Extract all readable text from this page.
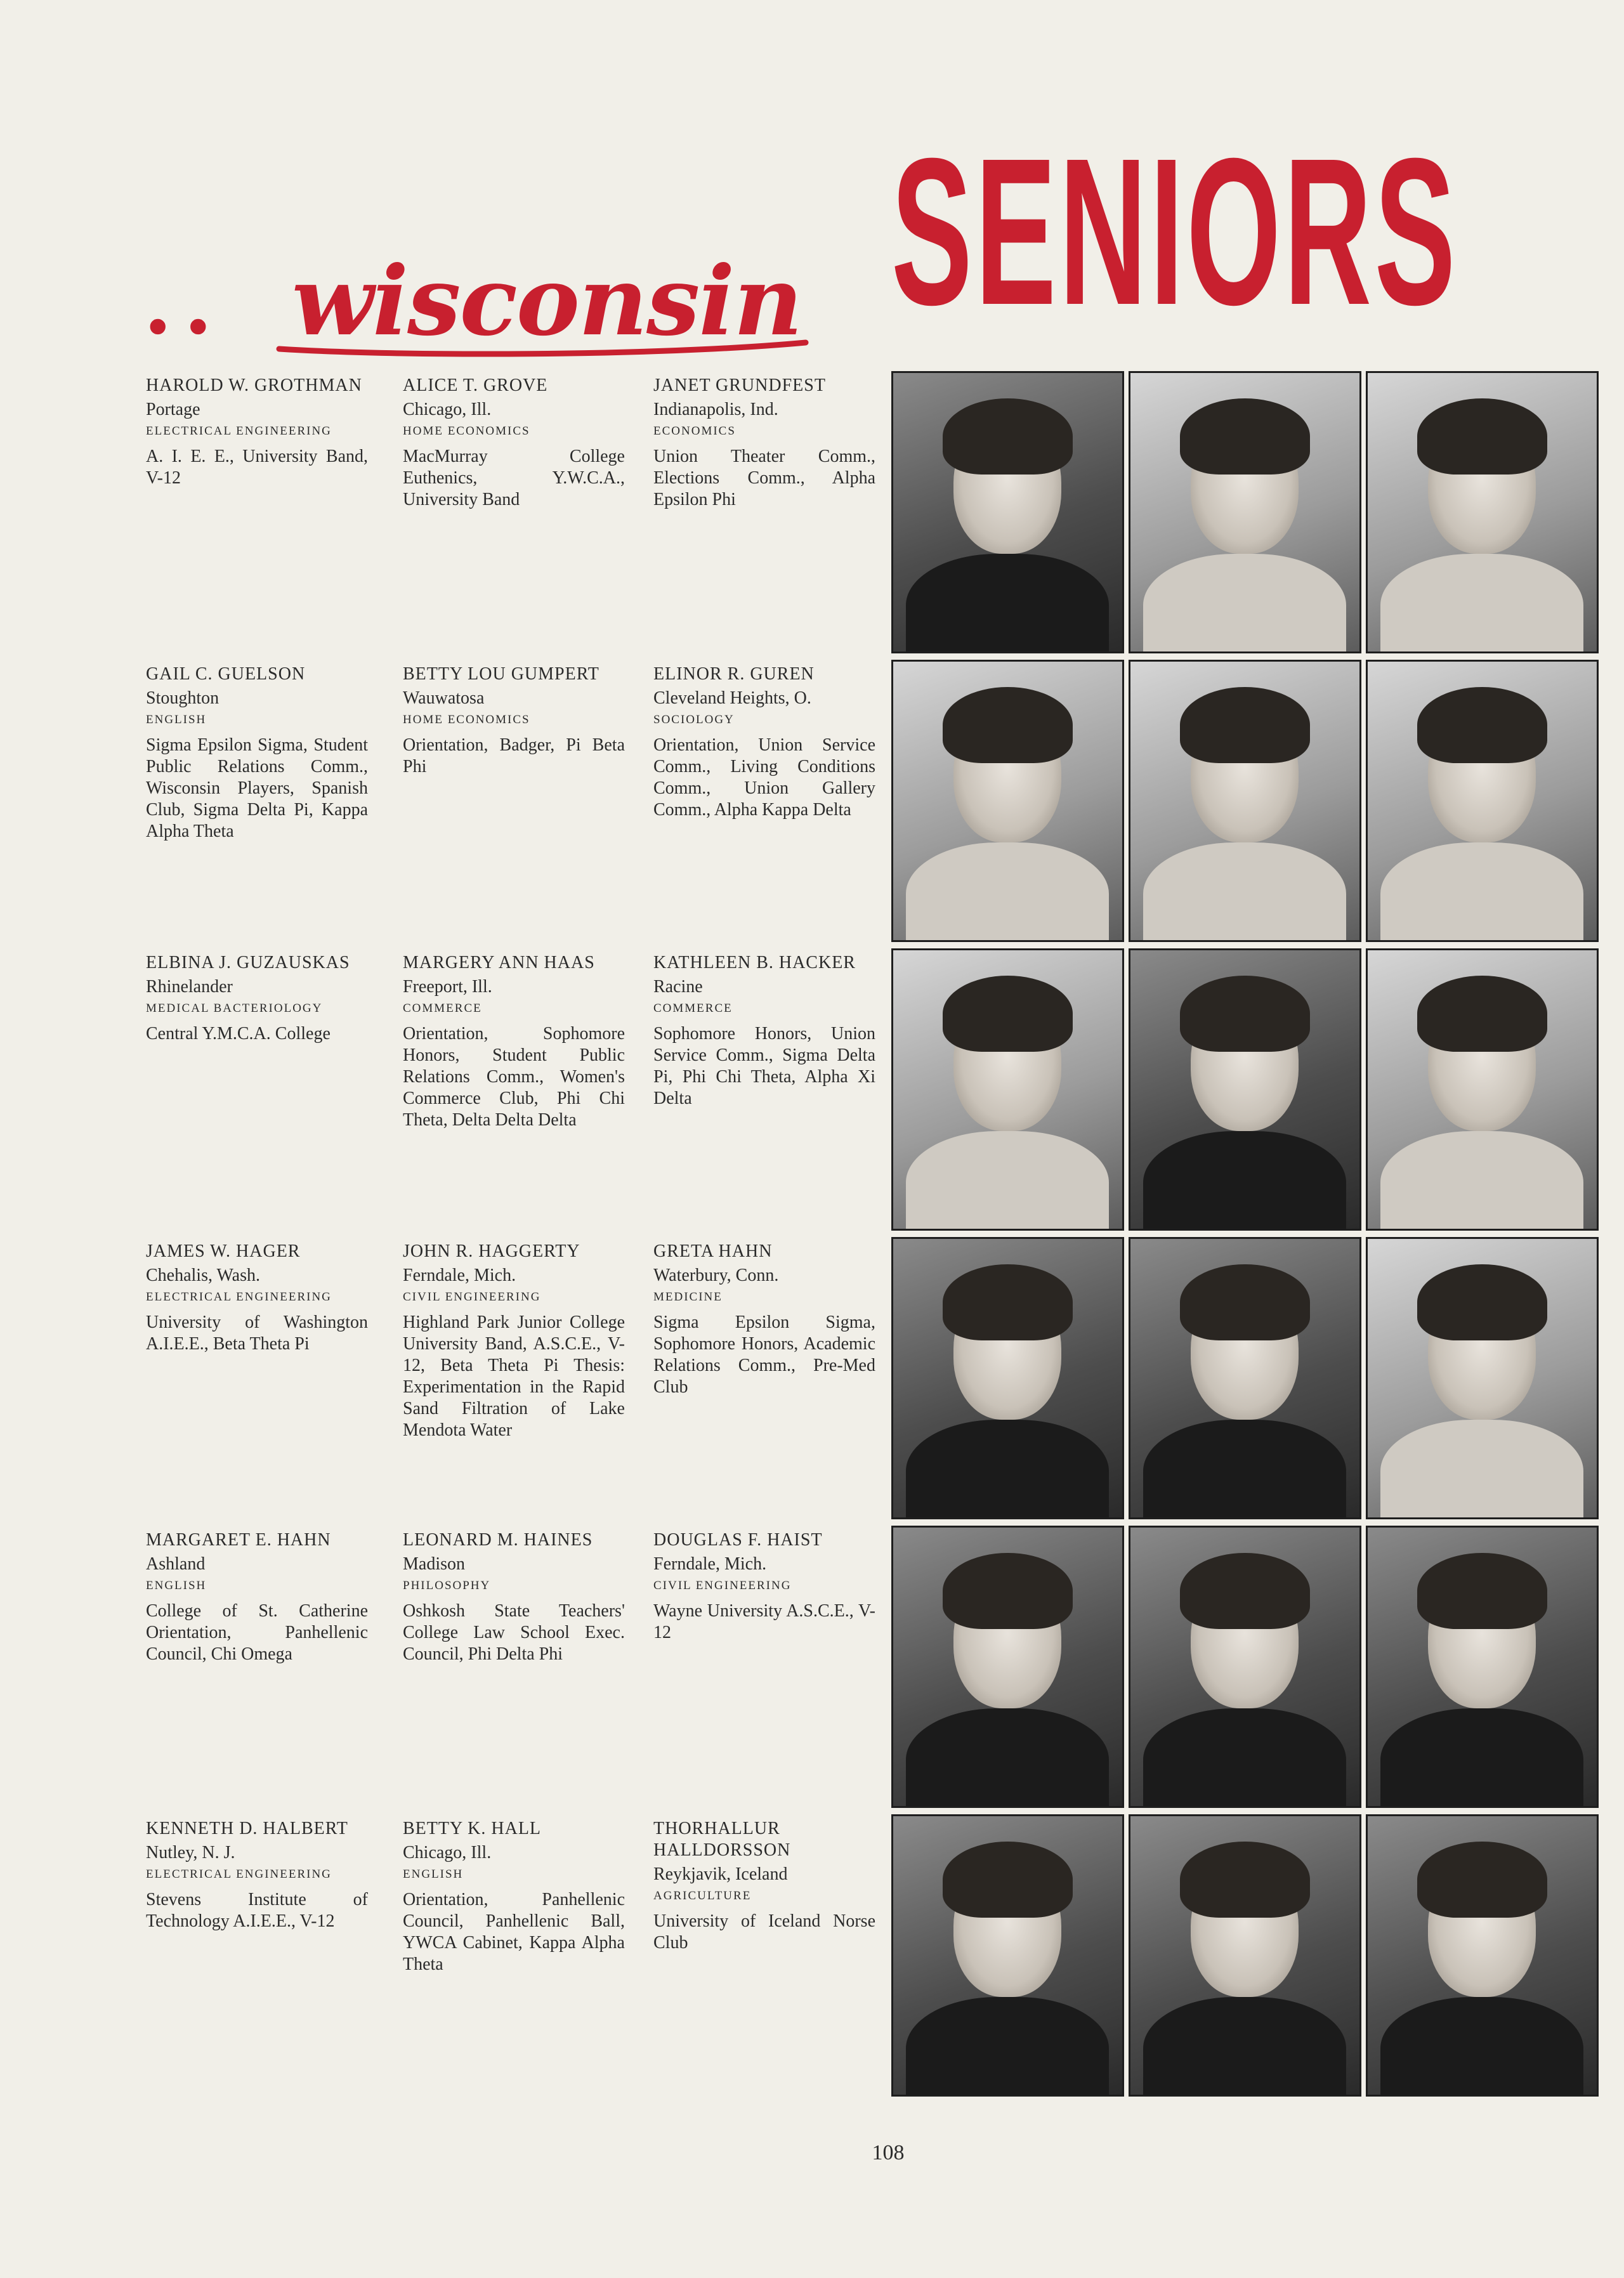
.. wisconsin SENIORS
HAROLD W. GROTHMAN
Portage
ELECTRICAL ENGINEERING
A. I. E. E., University Band, V-12
ALICE T. GROVE
Chicago, Ill.
HOME ECONOMICS
MacMurray College Euthenics, Y.W.C.A., University Band
JANET GRUNDFEST
Indianapolis, Ind.
ECONOMICS
Union Theater Comm., Elections Comm., Alpha Epsilon Phi
GAIL C. GUELSON
Stoughton
ENGLISH
Sigma Epsilon Sigma, Student Public Relations Comm., Wisconsin Players, Spanish Club, Sigma Delta Pi, Kappa Alpha Theta
BETTY LOU GUMPERT
Wauwatosa
HOME ECONOMICS
Orientation, Badger, Pi Beta Phi
ELINOR R. GUREN
Cleveland Heights, O.
SOCIOLOGY
Orientation, Union Service Comm., Living Conditions Comm., Union Gallery Comm., Alpha Kappa Delta
ELBINA J. GUZAUSKAS
Rhinelander
MEDICAL BACTERIOLOGY
Central Y.M.C.A. College
MARGERY ANN HAAS
Freeport, Ill.
COMMERCE
Orientation, Sophomore Honors, Student Public Relations Comm., Women's Commerce Club, Phi Chi Theta, Delta Delta Delta
KATHLEEN B. HACKER
Racine
COMMERCE
Sophomore Honors, Union Service Comm., Sigma Delta Pi, Phi Chi Theta, Alpha Xi Delta
JAMES W. HAGER
Chehalis, Wash.
ELECTRICAL ENGINEERING
University of Washington A.I.E.E., Beta Theta Pi
JOHN R. HAGGERTY
Ferndale, Mich.
CIVIL ENGINEERING
Highland Park Junior College University Band, A.S.C.E., V-12, Beta Theta Pi Thesis: Experimentation in the Rapid Sand Filtration of Lake Mendota Water
GRETA HAHN
Waterbury, Conn.
MEDICINE
Sigma Epsilon Sigma, Sophomore Honors, Academic Relations Comm., Pre-Med Club
MARGARET E. HAHN
Ashland
ENGLISH
College of St. Catherine Orientation, Panhellenic Council, Chi Omega
LEONARD M. HAINES
Madison
PHILOSOPHY
Oshkosh State Teachers' College Law School Exec. Council, Phi Delta Phi
DOUGLAS F. HAIST
Ferndale, Mich.
CIVIL ENGINEERING
Wayne University A.S.C.E., V-12
KENNETH D. HALBERT
Nutley, N. J.
ELECTRICAL ENGINEERING
Stevens Institute of Technology A.I.E.E., V-12
BETTY K. HALL
Chicago, Ill.
ENGLISH
Orientation, Panhellenic Council, Panhellenic Ball, YWCA Cabinet, Kappa Alpha Theta
THORHALLUR HALLDORSSON
Reykjavik, Iceland
AGRICULTURE
University of Iceland Norse Club
108
